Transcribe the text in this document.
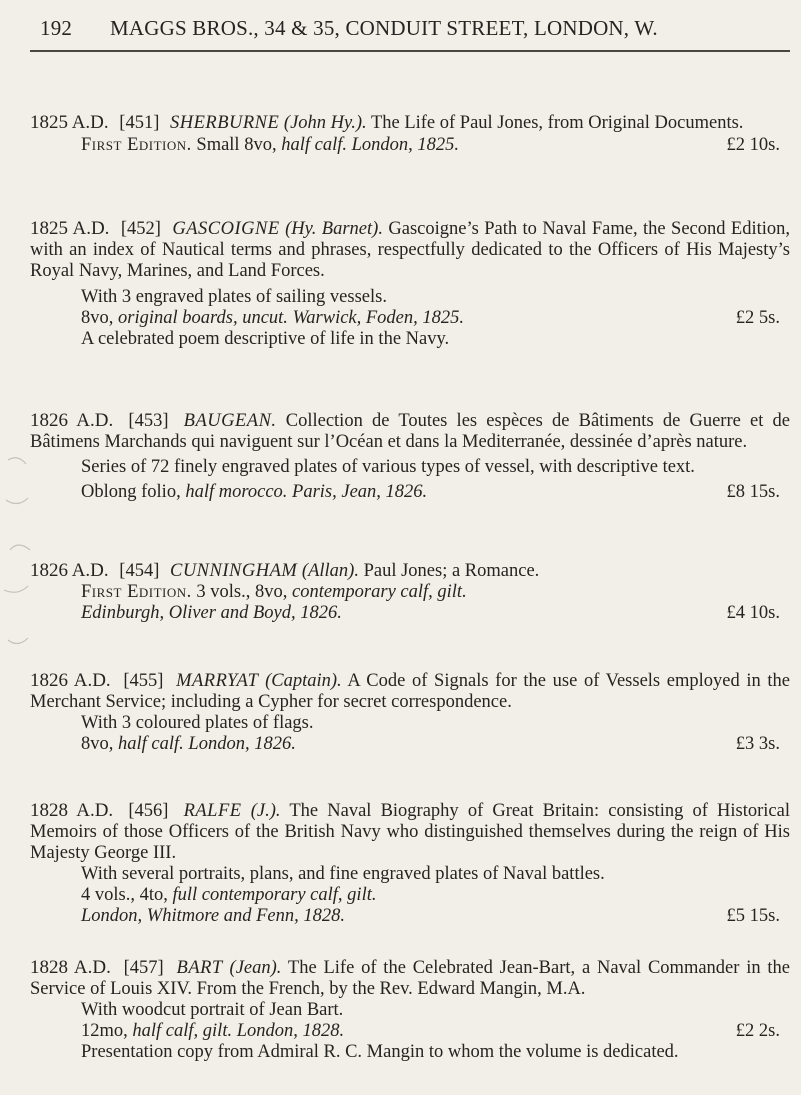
192 MAGGS BROS., 34 & 35, CONDUIT STREET, LONDON, W.

1825 A.D. [451] SHERBURNE (John Hy.). The Life of Paul Jones, from Original Documents.

First Edition. Small 8vo, half calf. London, 1825.	£2 10s.

1825 A.D. [452] GASCOIGNE (Hy. Barnet). Gascoigne’s Path to Naval Fame, the Second Edition, with an index of Nautical terms and phrases, respectfully dedicated to the Officers of His Majesty’s Royal Navy, Marines, and Land Forces.

With 3 engraved plates of sailing vessels.

8vo, original boards, uncut. Warwick, Foden, 1825.	£2 5s.

A celebrated poem descriptive of life in the Navy.

1826 A.D. [453] BAUGEAN. Collection de Toutes les espèces de Bâtiments de Guerre et de Bâtimens Marchands qui naviguent sur l’Océan et dans la Mediterranée, dessinée d’après nature.

Series of 72 finely engraved plates of various types of vessel, with descriptive text.

Oblong folio, half morocco. Paris, Jean, 1826.	£8 15s.

1826 A.D. [454] CUNNINGHAM (Allan). Paul Jones; a Romance.

First Edition. 3 vols., 8vo, contemporary calf, gilt.

Edinburgh, Oliver and Boyd, 1826.	£4 10s.

1826 A.D. [455] MARRYAT (Captain). A Code of Signals for the use of Vessels employed in the Merchant Service; including a Cypher for secret correspondence.

With 3 coloured plates of flags.

8vo, half calf. London, 1826.	£3 3s.

1828 A.D. [456] RALFE (J.). The Naval Biography of Great Britain: consisting of Historical Memoirs of those Officers of the British Navy who distinguished themselves during the reign of His Majesty George III.

With several portraits, plans, and fine engraved plates of Naval battles.

4 vols., 4to, full contemporary calf, gilt.

London, Whitmore and Fenn, 1828.	£5 15s.

1828 A.D. [457] BART (Jean). The Life of the Celebrated Jean-Bart, a Naval Commander in the Service of Louis XIV. From the French, by the Rev. Edward Mangin, M.A.

With woodcut portrait of Jean Bart.

12mo, half calf, gilt. London, 1828.	£2 2s.

Presentation copy from Admiral R. C. Mangin to whom the volume is dedicated.
